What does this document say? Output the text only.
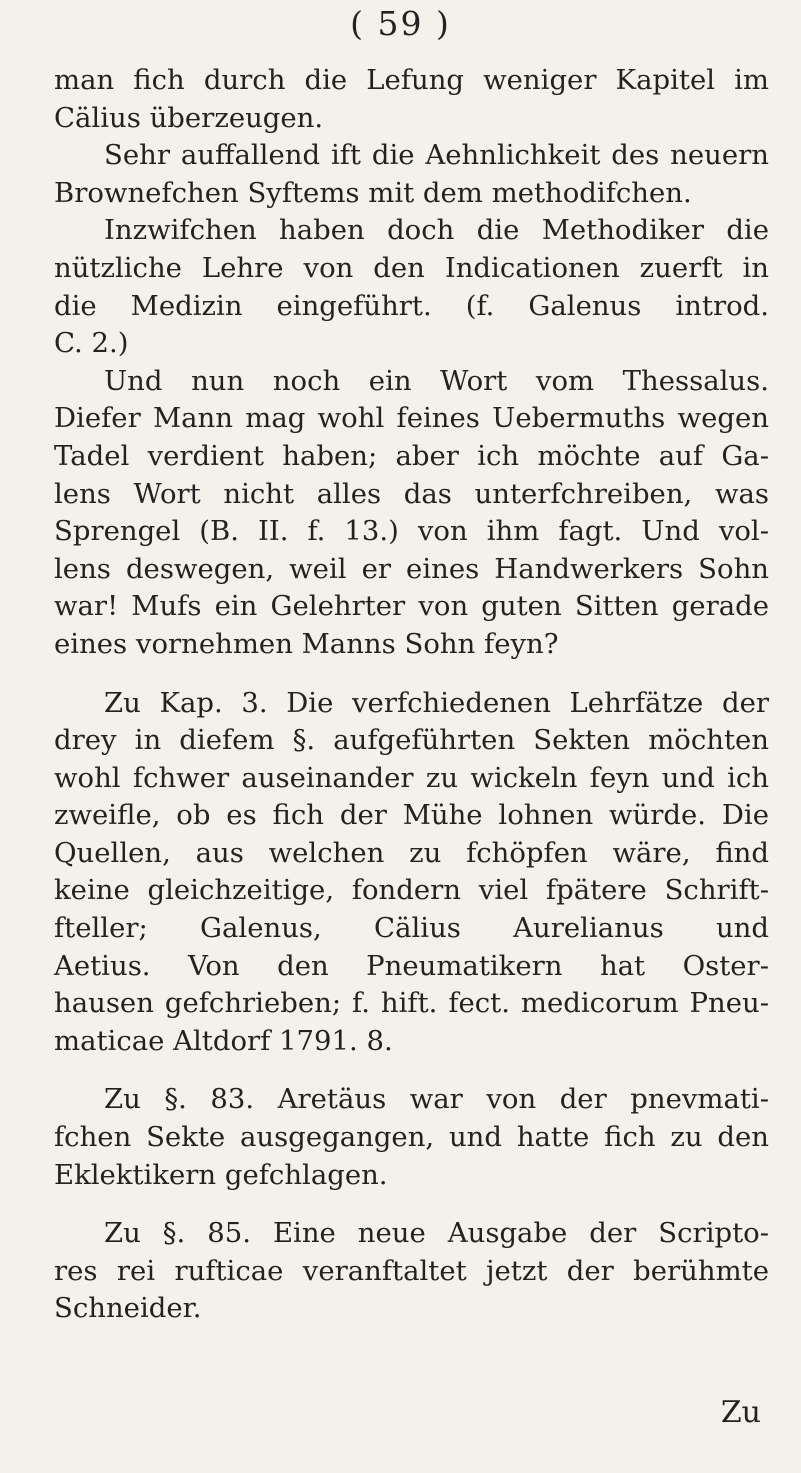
( 59 )
man fich durch die Lefung weniger Kapitel im
Cälius überzeugen.
Sehr auffallend ift die Aehnlichkeit des neuern
Brownefchen Syftems mit dem methodifchen.
Inzwifchen haben doch die Methodiker die
nützliche Lehre von den Indicationen zuerft in
die Medizin eingeführt. (f. Galenus introd.
C. 2.)
Und nun noch ein Wort vom Thessalus.
Diefer Mann mag wohl feines Uebermuths wegen
Tadel verdient haben; aber ich möchte auf Ga-
lens Wort nicht alles das unterfchreiben, was
Sprengel (B. II. f. 13.) von ihm fagt. Und vol-
lens deswegen, weil er eines Handwerkers Sohn
war! Mufs ein Gelehrter von guten Sitten gerade
eines vornehmen Manns Sohn feyn?
Zu Kap. 3. Die verfchiedenen Lehrfätze der
drey in diefem §. aufgeführten Sekten möchten
wohl fchwer auseinander zu wickeln feyn und ich
zweifle, ob es fich der Mühe lohnen würde. Die
Quellen, aus welchen zu fchöpfen wäre, find
keine gleichzeitige, fondern viel fpätere Schrift-
fteller; Galenus, Cälius Aurelianus und
Aetius. Von den Pneumatikern hat Oster-
hausen gefchrieben; f. hift. fect. medicorum Pneu-
maticae Altdorf 1791. 8.
Zu §. 83. Aretäus war von der pnevmati-
fchen Sekte ausgegangen, und hatte fich zu den
Eklektikern gefchlagen.
Zu §. 85. Eine neue Ausgabe der Scripto-
res rei rufticae veranftaltet jetzt der berühmte
Schneider.
Zu
